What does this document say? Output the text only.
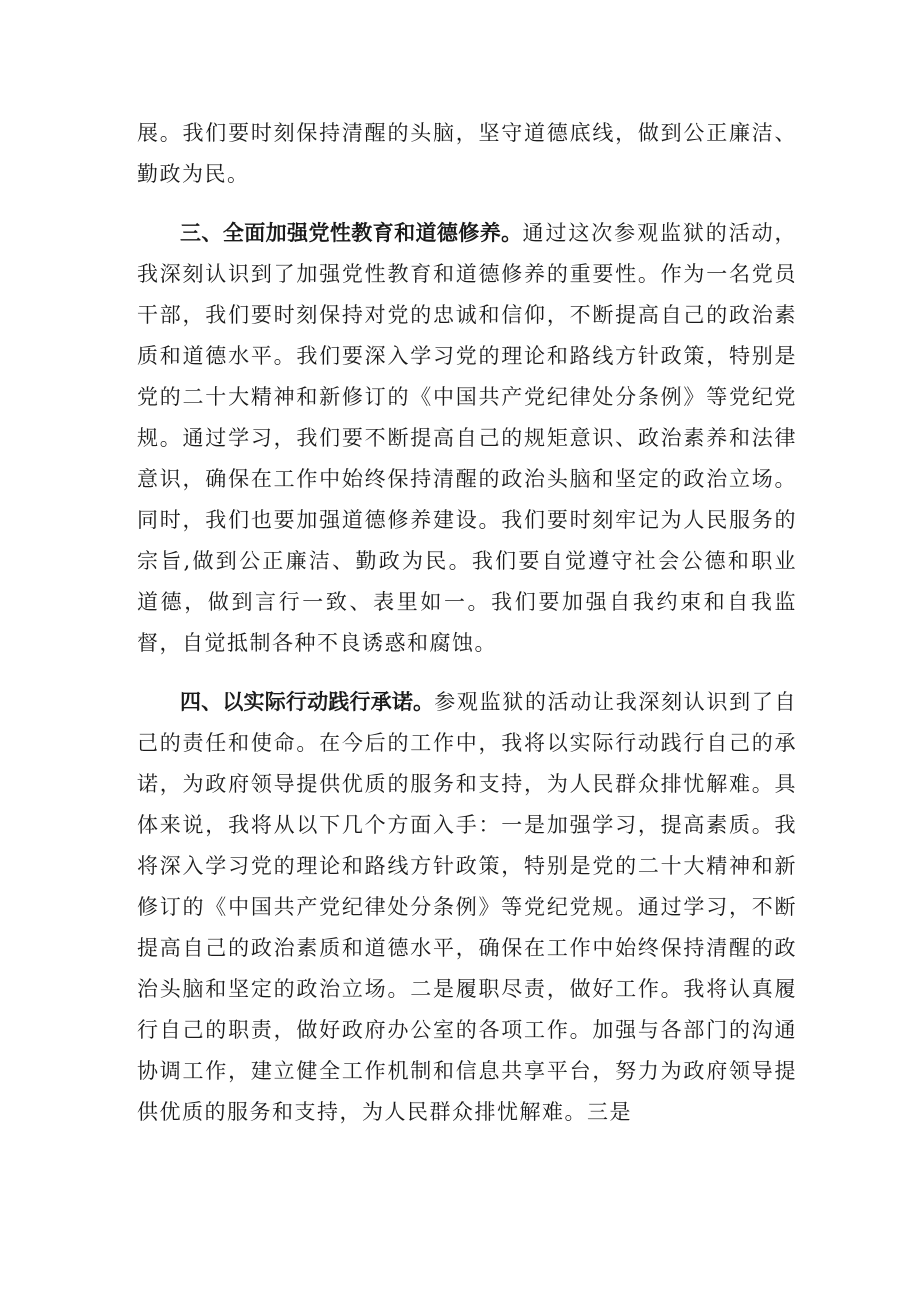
展。我们要时刻保持清醒的头脑，坚守道德底线，做到公正廉洁、勤政为民。

三、全面加强党性教育和道德修养。通过这次参观监狱的活动，我深刻认识到了加强党性教育和道德修养的重要性。作为一名党员干部，我们要时刻保持对党的忠诚和信仰，不断提高自己的政治素质和道德水平。我们要深入学习党的理论和路线方针政策，特别是党的二十大精神和新修订的《中国共产党纪律处分条例》等党纪党规。通过学习，我们要不断提高自己的规矩意识、政治素养和法律意识，确保在工作中始终保持清醒的政治头脑和坚定的政治立场。同时，我们也要加强道德修养建设。我们要时刻牢记为人民服务的宗旨,做到公正廉洁、勤政为民。我们要自觉遵守社会公德和职业道德，做到言行一致、表里如一。我们要加强自我约束和自我监督，自觉抵制各种不良诱惑和腐蚀。

四、以实际行动践行承诺。参观监狱的活动让我深刻认识到了自己的责任和使命。在今后的工作中，我将以实际行动践行自己的承诺，为政府领导提供优质的服务和支持，为人民群众排忧解难。具体来说，我将从以下几个方面入手：一是加强学习，提高素质。我将深入学习党的理论和路线方针政策，特别是党的二十大精神和新修订的《中国共产党纪律处分条例》等党纪党规。通过学习，不断提高自己的政治素质和道德水平，确保在工作中始终保持清醒的政治头脑和坚定的政治立场。二是履职尽责，做好工作。我将认真履行自己的职责，做好政府办公室的各项工作。加强与各部门的沟通协调工作，建立健全工作机制和信息共享平台，努力为政府领导提供优质的服务和支持，为人民群众排忧解难。三是
